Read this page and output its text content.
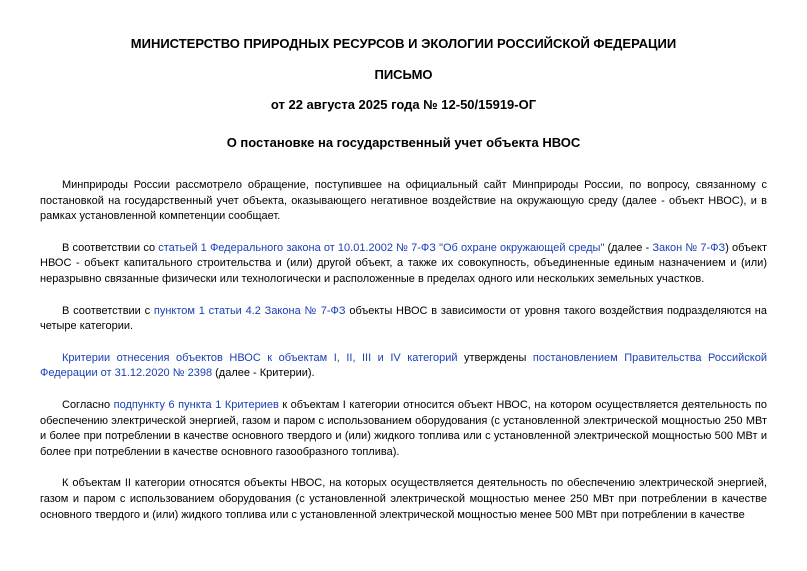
МИНИСТЕРСТВО ПРИРОДНЫХ РЕСУРСОВ И ЭКОЛОГИИ РОССИЙСКОЙ ФЕДЕРАЦИИ

ПИСЬМО

от 22 августа 2025 года № 12-50/15919-ОГ

О постановке на государственный учет объекта НВОС

Минприроды России рассмотрело обращение, поступившее на официальный сайт Минприроды России, по вопросу, связанному с постановкой на государственный учет объекта, оказывающего негативное воздействие на окружающую среду (далее - объект НВОС), и в рамках установленной компетенции сообщает.

В соответствии со статьей 1 Федерального закона от 10.01.2002 № 7-ФЗ "Об охране окружающей среды" (далее - Закон № 7-ФЗ) объект НВОС - объект капитального строительства и (или) другой объект, а также их совокупность, объединенные единым назначением и (или) неразрывно связанные физически или технологически и расположенные в пределах одного или нескольких земельных участков.

В соответствии с пунктом 1 статьи 4.2 Закона № 7-ФЗ объекты НВОС в зависимости от уровня такого воздействия подразделяются на четыре категории.

Критерии отнесения объектов НВОС к объектам I, II, III и IV категорий утверждены постановлением Правительства Российской Федерации от 31.12.2020 № 2398 (далее - Критерии).

Согласно подпункту 6 пункта 1 Критериев к объектам I категории относится объект НВОС, на котором осуществляется деятельность по обеспечению электрической энергией, газом и паром с использованием оборудования (с установленной электрической мощностью 250 МВт и более при потреблении в качестве основного твердого и (или) жидкого топлива или с установленной электрической мощностью 500 МВт и более при потреблении в качестве основного газообразного топлива).

К объектам II категории относятся объекты НВОС, на которых осуществляется деятельность по обеспечению электрической энергией, газом и паром с использованием оборудования (с установленной электрической мощностью менее 250 МВт при потреблении в качестве основного твердого и (или) жидкого топлива или с установленной электрической мощностью менее 500 МВт при потреблении в качестве
